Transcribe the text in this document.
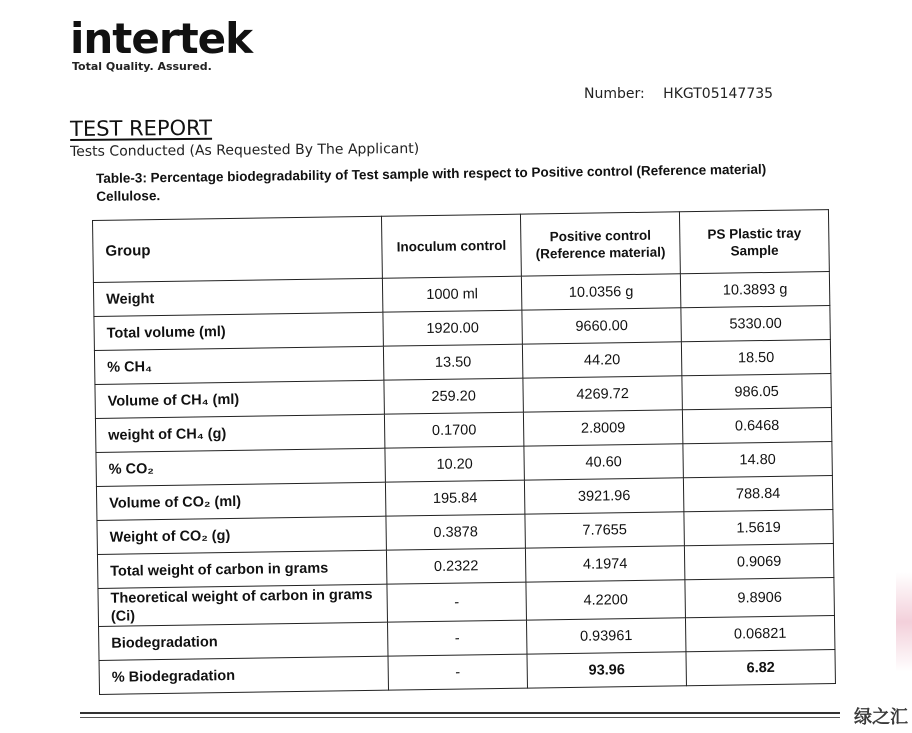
intertek
Total Quality. Assured.
Number: HKGT05147735
TEST REPORT
Tests Conducted (As Requested By The Applicant)
Table-3: Percentage biodegradability of Test sample with respect to Positive control (Reference material)
Cellulose.
Group	Inoculum control	Positive control (Reference material)	PS Plastic tray Sample
Weight	1000 ml	10.0356 g	10.3893 g
Total volume (ml)	1920.00	9660.00	5330.00
% CH₄	13.50	44.20	18.50
Volume of CH₄ (ml)	259.20	4269.72	986.05
weight of CH₄ (g)	0.1700	2.8009	0.6468
% CO₂	10.20	40.60	14.80
Volume of CO₂ (ml)	195.84	3921.96	788.84
Weight of CO₂ (g)	0.3878	7.7655	1.5619
Total weight of carbon in grams	0.2322	4.1974	0.9069
Theoretical weight of carbon in grams (Ci)	-	4.2200	9.8906
Biodegradation	-	0.93961	0.06821
% Biodegradation	-	93.96	6.82
绿之汇
